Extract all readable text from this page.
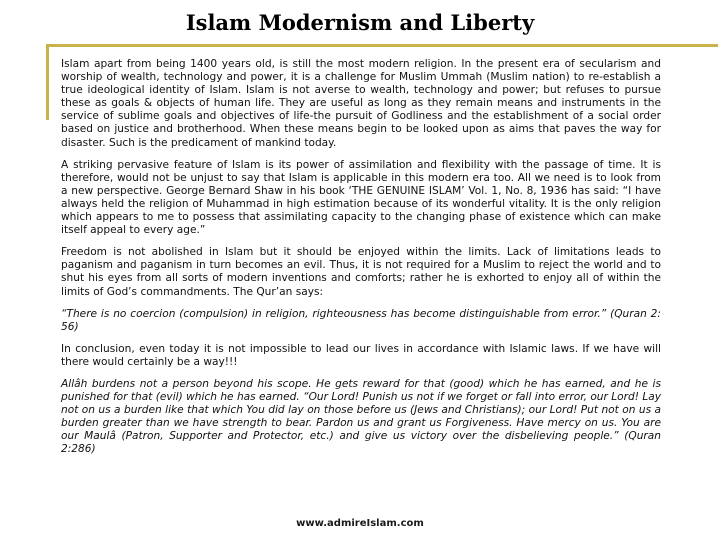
Islam Modernism and Liberty

Islam apart from being 1400 years old, is still the most modern religion. In the present era of secularism and worship of wealth, technology and power, it is a challenge for Muslim Ummah (Muslim nation) to re-establish a true ideological identity of Islam. Islam is not averse to wealth, technology and power; but refuses to pursue these as goals & objects of human life. They are useful as long as they remain means and instruments in the service of sublime goals and objectives of life-the pursuit of Godliness and the establishment of a social order based on justice and brotherhood. When these means begin to be looked upon as aims that paves the way for disaster. Such is the predicament of mankind today.

A striking pervasive feature of Islam is its power of assimilation and flexibility with the passage of time. It is therefore, would not be unjust to say that Islam is applicable in this modern era too. All we need is to look from a new perspective. George Bernard Shaw in his book ‘THE GENUINE ISLAM’ Vol. 1, No. 8, 1936 has said: “I have always held the religion of Muhammad in high estimation because of its wonderful vitality. It is the only religion which appears to me to possess that assimilating capacity to the changing phase of existence which can make itself appeal to every age.”

Freedom is not abolished in Islam but it should be enjoyed within the limits. Lack of limitations leads to paganism and paganism in turn becomes an evil. Thus, it is not required for a Muslim to reject the world and to shut his eyes from all sorts of modern inventions and comforts; rather he is exhorted to enjoy all of within the limits of God’s commandments. The Qur’an says:

“There is no coercion (compulsion) in religion, righteousness has become distinguishable from error.” (Quran 2: 56)

In conclusion, even today it is not impossible to lead our lives in accordance with Islamic laws. If we have will there would certainly be a way!!!

Allâh burdens not a person beyond his scope. He gets reward for that (good) which he has earned, and he is punished for that (evil) which he has earned. “Our Lord! Punish us not if we forget or fall into error, our Lord! Lay not on us a burden like that which You did lay on those before us (Jews and Christians); our Lord! Put not on us a burden greater than we have strength to bear. Pardon us and grant us Forgiveness. Have mercy on us. You are our Maulâ (Patron, Supporter and Protector, etc.) and give us victory over the disbelieving people.” (Quran 2:286)

www.admireIslam.com
